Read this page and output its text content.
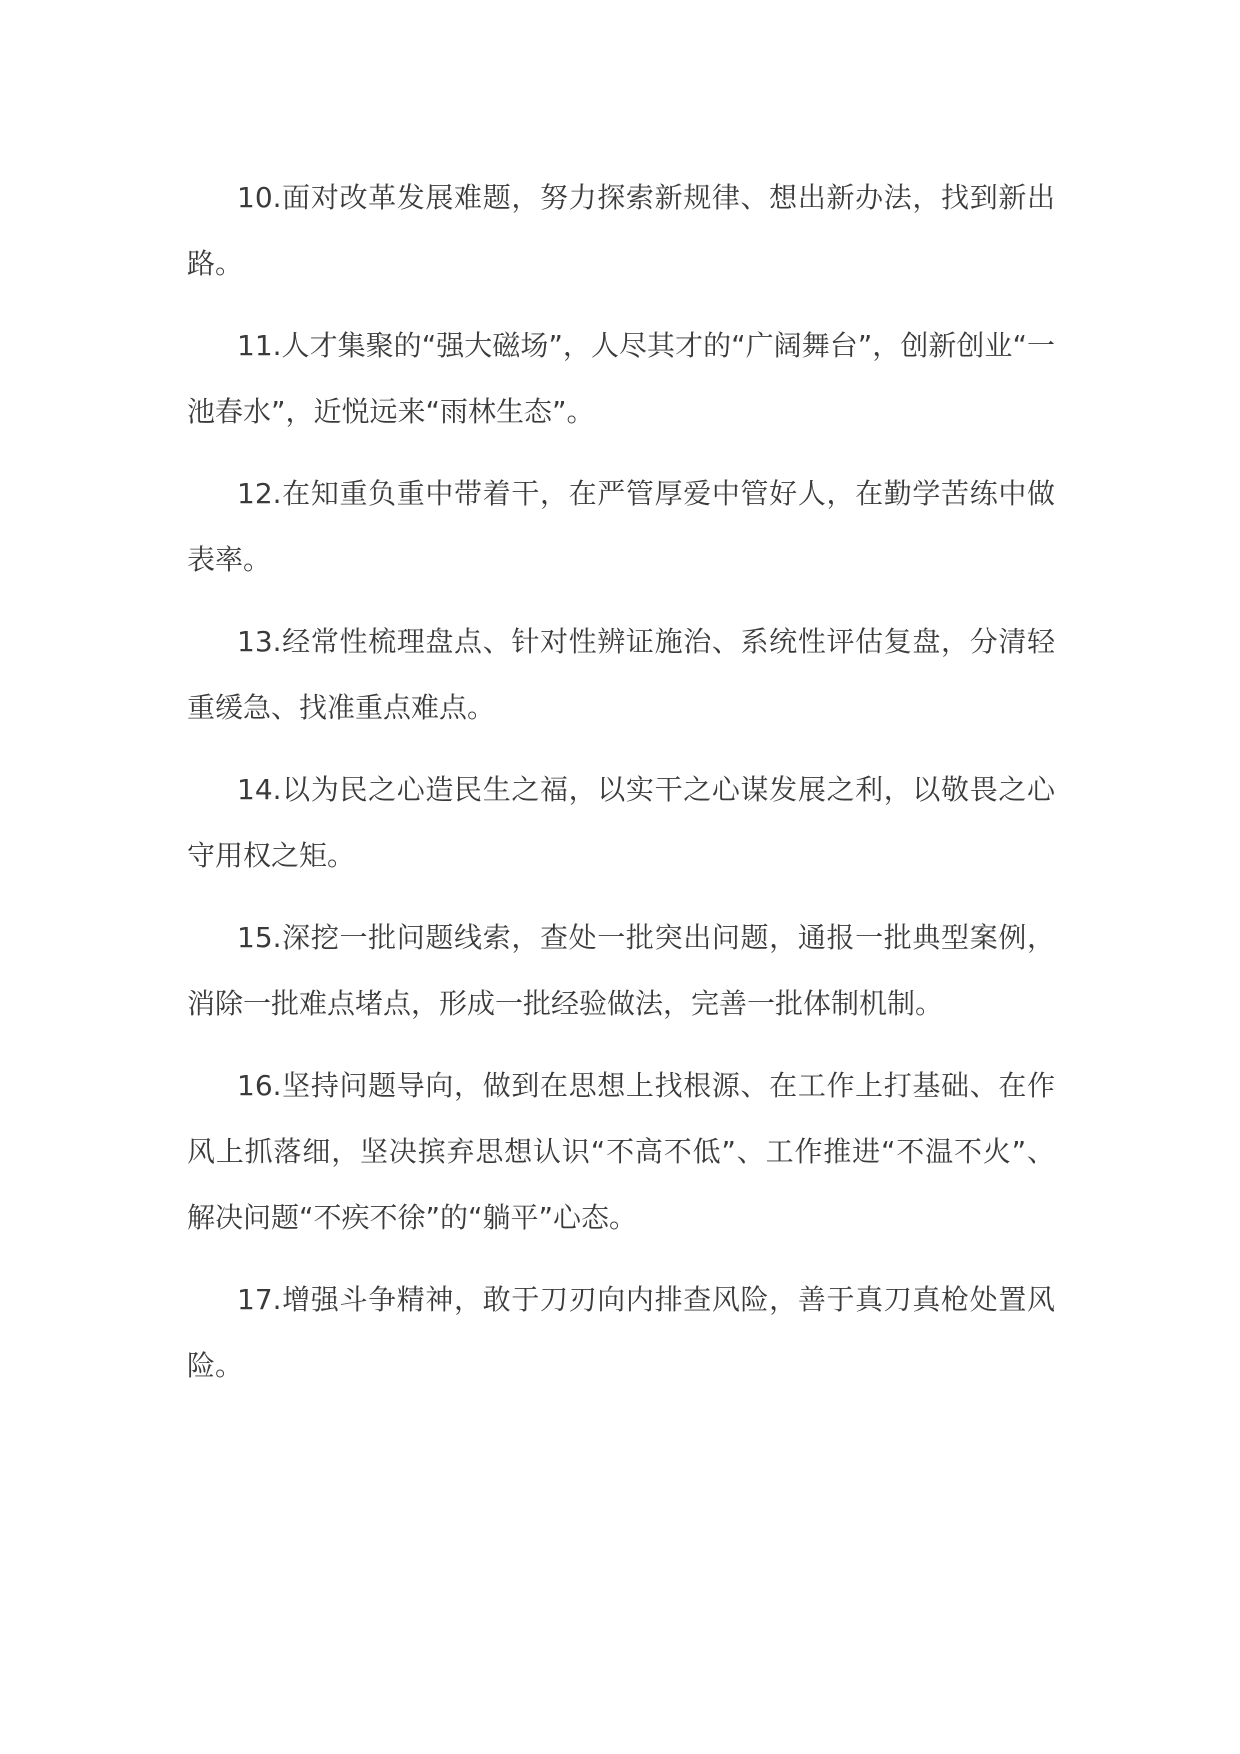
10.面对改革发展难题，努力探索新规律、想出新办法，找到新出路。

11.人才集聚的“强大磁场”，人尽其才的“广阔舞台”，创新创业“一池春水”，近悦远来“雨林生态”。

12.在知重负重中带着干，在严管厚爱中管好人，在勤学苦练中做表率。

13.经常性梳理盘点、针对性辨证施治、系统性评估复盘，分清轻重缓急、找准重点难点。

14.以为民之心造民生之福，以实干之心谋发展之利，以敬畏之心守用权之矩。

15.深挖一批问题线索，查处一批突出问题，通报一批典型案例，消除一批难点堵点，形成一批经验做法，完善一批体制机制。

16.坚持问题导向，做到在思想上找根源、在工作上打基础、在作风上抓落细，坚决摈弃思想认识“不高不低”、工作推进“不温不火”、解决问题“不疾不徐”的“躺平”心态。

17.增强斗争精神，敢于刀刃向内排查风险，善于真刀真枪处置风险。
